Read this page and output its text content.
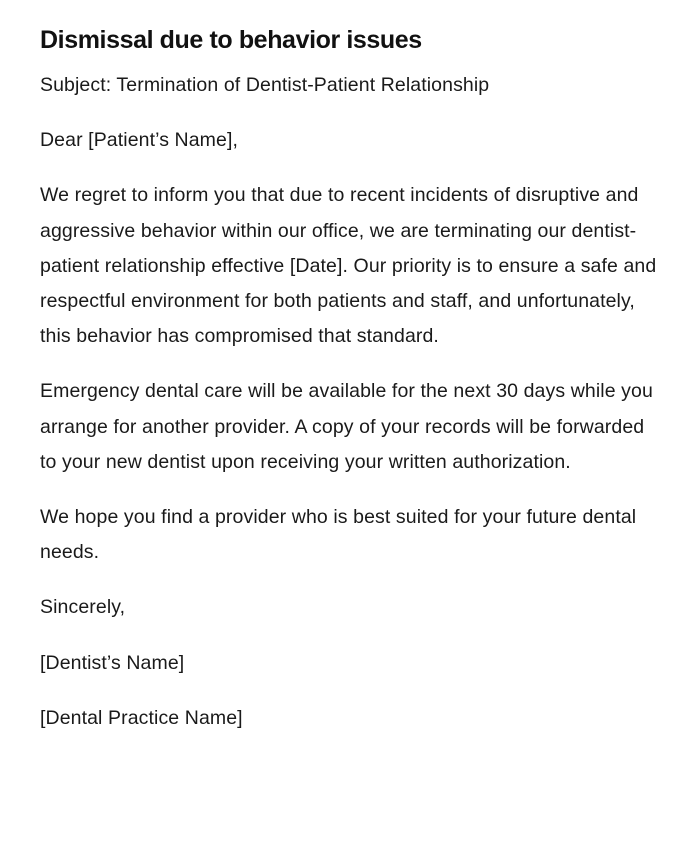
Dismissal due to behavior issues

Subject: Termination of Dentist-Patient Relationship

Dear [Patient’s Name],

We regret to inform you that due to recent incidents of disruptive and aggressive behavior within our office, we are terminating our dentist-patient relationship effective [Date]. Our priority is to ensure a safe and respectful environment for both patients and staff, and unfortunately, this behavior has compromised that standard.

Emergency dental care will be available for the next 30 days while you arrange for another provider. A copy of your records will be forwarded to your new dentist upon receiving your written authorization.

We hope you find a provider who is best suited for your future dental needs.

Sincerely,

[Dentist’s Name]

[Dental Practice Name]
